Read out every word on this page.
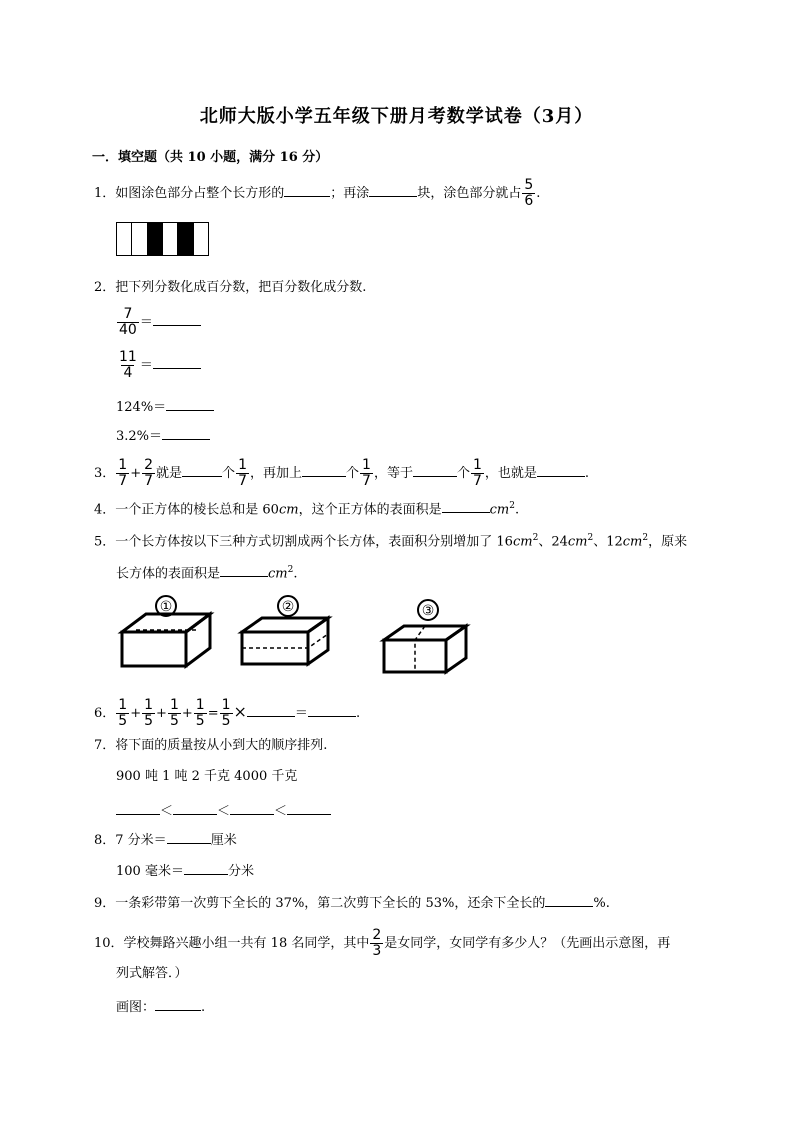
北师大版小学五年级下册月考数学试卷（3月）
一．填空题（共 10 小题，满分 16 分）
1．如图涂色部分占整个长方形的	；再涂	块，涂色部分就占 $\frac{5}{6}$ .
2．把下列分数化成百分数，把百分数化成分数.
$\frac{7}{40}$ ＝
$\frac{11}{4}$ ＝
124%＝
3.2%＝
3． $\frac{1}{7} + \frac{2}{7}$ 就是	个 $\frac{1}{7}$ ，再加上	个 $\frac{1}{7}$ ，等于	个 $\frac{1}{7}$ ，也就是	.
4．一个正方体的棱长总和是 60cm，这个正方体的表面积是	$cm^2$.
5．一个长方体按以下三种方式切割成两个长方体，表面积分别增加了 $16cm^2$、$24cm^2$、$12cm^2$，原来
长方体的表面积是	$cm^2$.
①	②	③
6． $\frac{1}{5} + \frac{1}{5} + \frac{1}{5} + \frac{1}{5} = \frac{1}{5}$ ×	＝	.
7．将下面的质量按从小到大的顺序排列.
900 吨 1 吨 2 千克 4000 千克
＜	＜	＜
8．7 分米＝	厘米
100 毫米＝	分米
9．一条彩带第一次剪下全长的 37%，第二次剪下全长的 53%，还余下全长的	%.
10．学校舞路兴趣小组一共有 18 名同学，其中 $\frac{2}{3}$ 是女同学，女同学有多少人？（先画出示意图，再
列式解答．）
画图：	.
